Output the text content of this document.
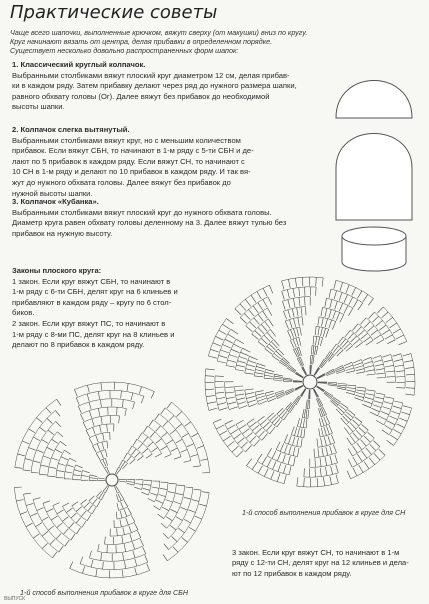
Практические советы
Чаще всего шапочки, выполненные крючком, вяжут сверху (от макушки) вниз по кругу.
Круг начинают вязать от центра, делая прибавки в определенном порядке.
Существует несколько довольно распространенных форм шапок:
1. Классический круглый колпачок.
Выбранными столбиками вяжут плоский круг диаметром 12 см, делая прибав-
ки в каждом ряду. Затем прибавку делают через ряд до нужного размера шапки,
равного обхвату головы (Ог). Далее вяжут без прибавок до необходимой
высоты шапки.
2. Колпачок слегка вытянутый.
Выбранными столбиками вяжут круг, но с меньшим количеством
прибавок. Если вяжут СБН, то начинают в 1-м ряду с 5-ти СБН и де-
лают по 5 прибавок в каждом ряду. Если вяжут СН, то начинают с
10 СН в 1-м ряду и делают по 10 прибавок в каждом ряду. И так вя-
жут до нужного обхвата головы. Далее вяжут без прибавок до
нужной высоты шапки.
3. Колпачок «Кубанка».
Выбранными столбиками вяжут плоский круг до нужного обхвата головы.
Диаметр круга равен обхвату головы деленному на 3. Далее вяжут тулью без
прибавок на нужную высоту.
Законы плоского круга:
1 закон. Если круг вяжут СБН, то начинают в
1-м ряду с 6-ти СБН, делят круг на 6 клиньев и
прибавляют в каждом ряду – кругу по 6 стол-
биков.
2 закон. Если круг вяжут ПС, то начинают в
1-м ряду с 8-ми ПС, делят круг на 8 клиньев и
делают по 8 прибавок в каждом ряду.
1-й способ выполнения прибавок в круге для СН
1-й способ выполнения прибавок в круге для СБН
3 закон. Если круг вяжут СН, то начинают в 1-м
ряду с 12-ти СН, делят круг на 12 клиньев и дела-
ют по 12 прибавок в каждом ряду.
ВЫПУСК
